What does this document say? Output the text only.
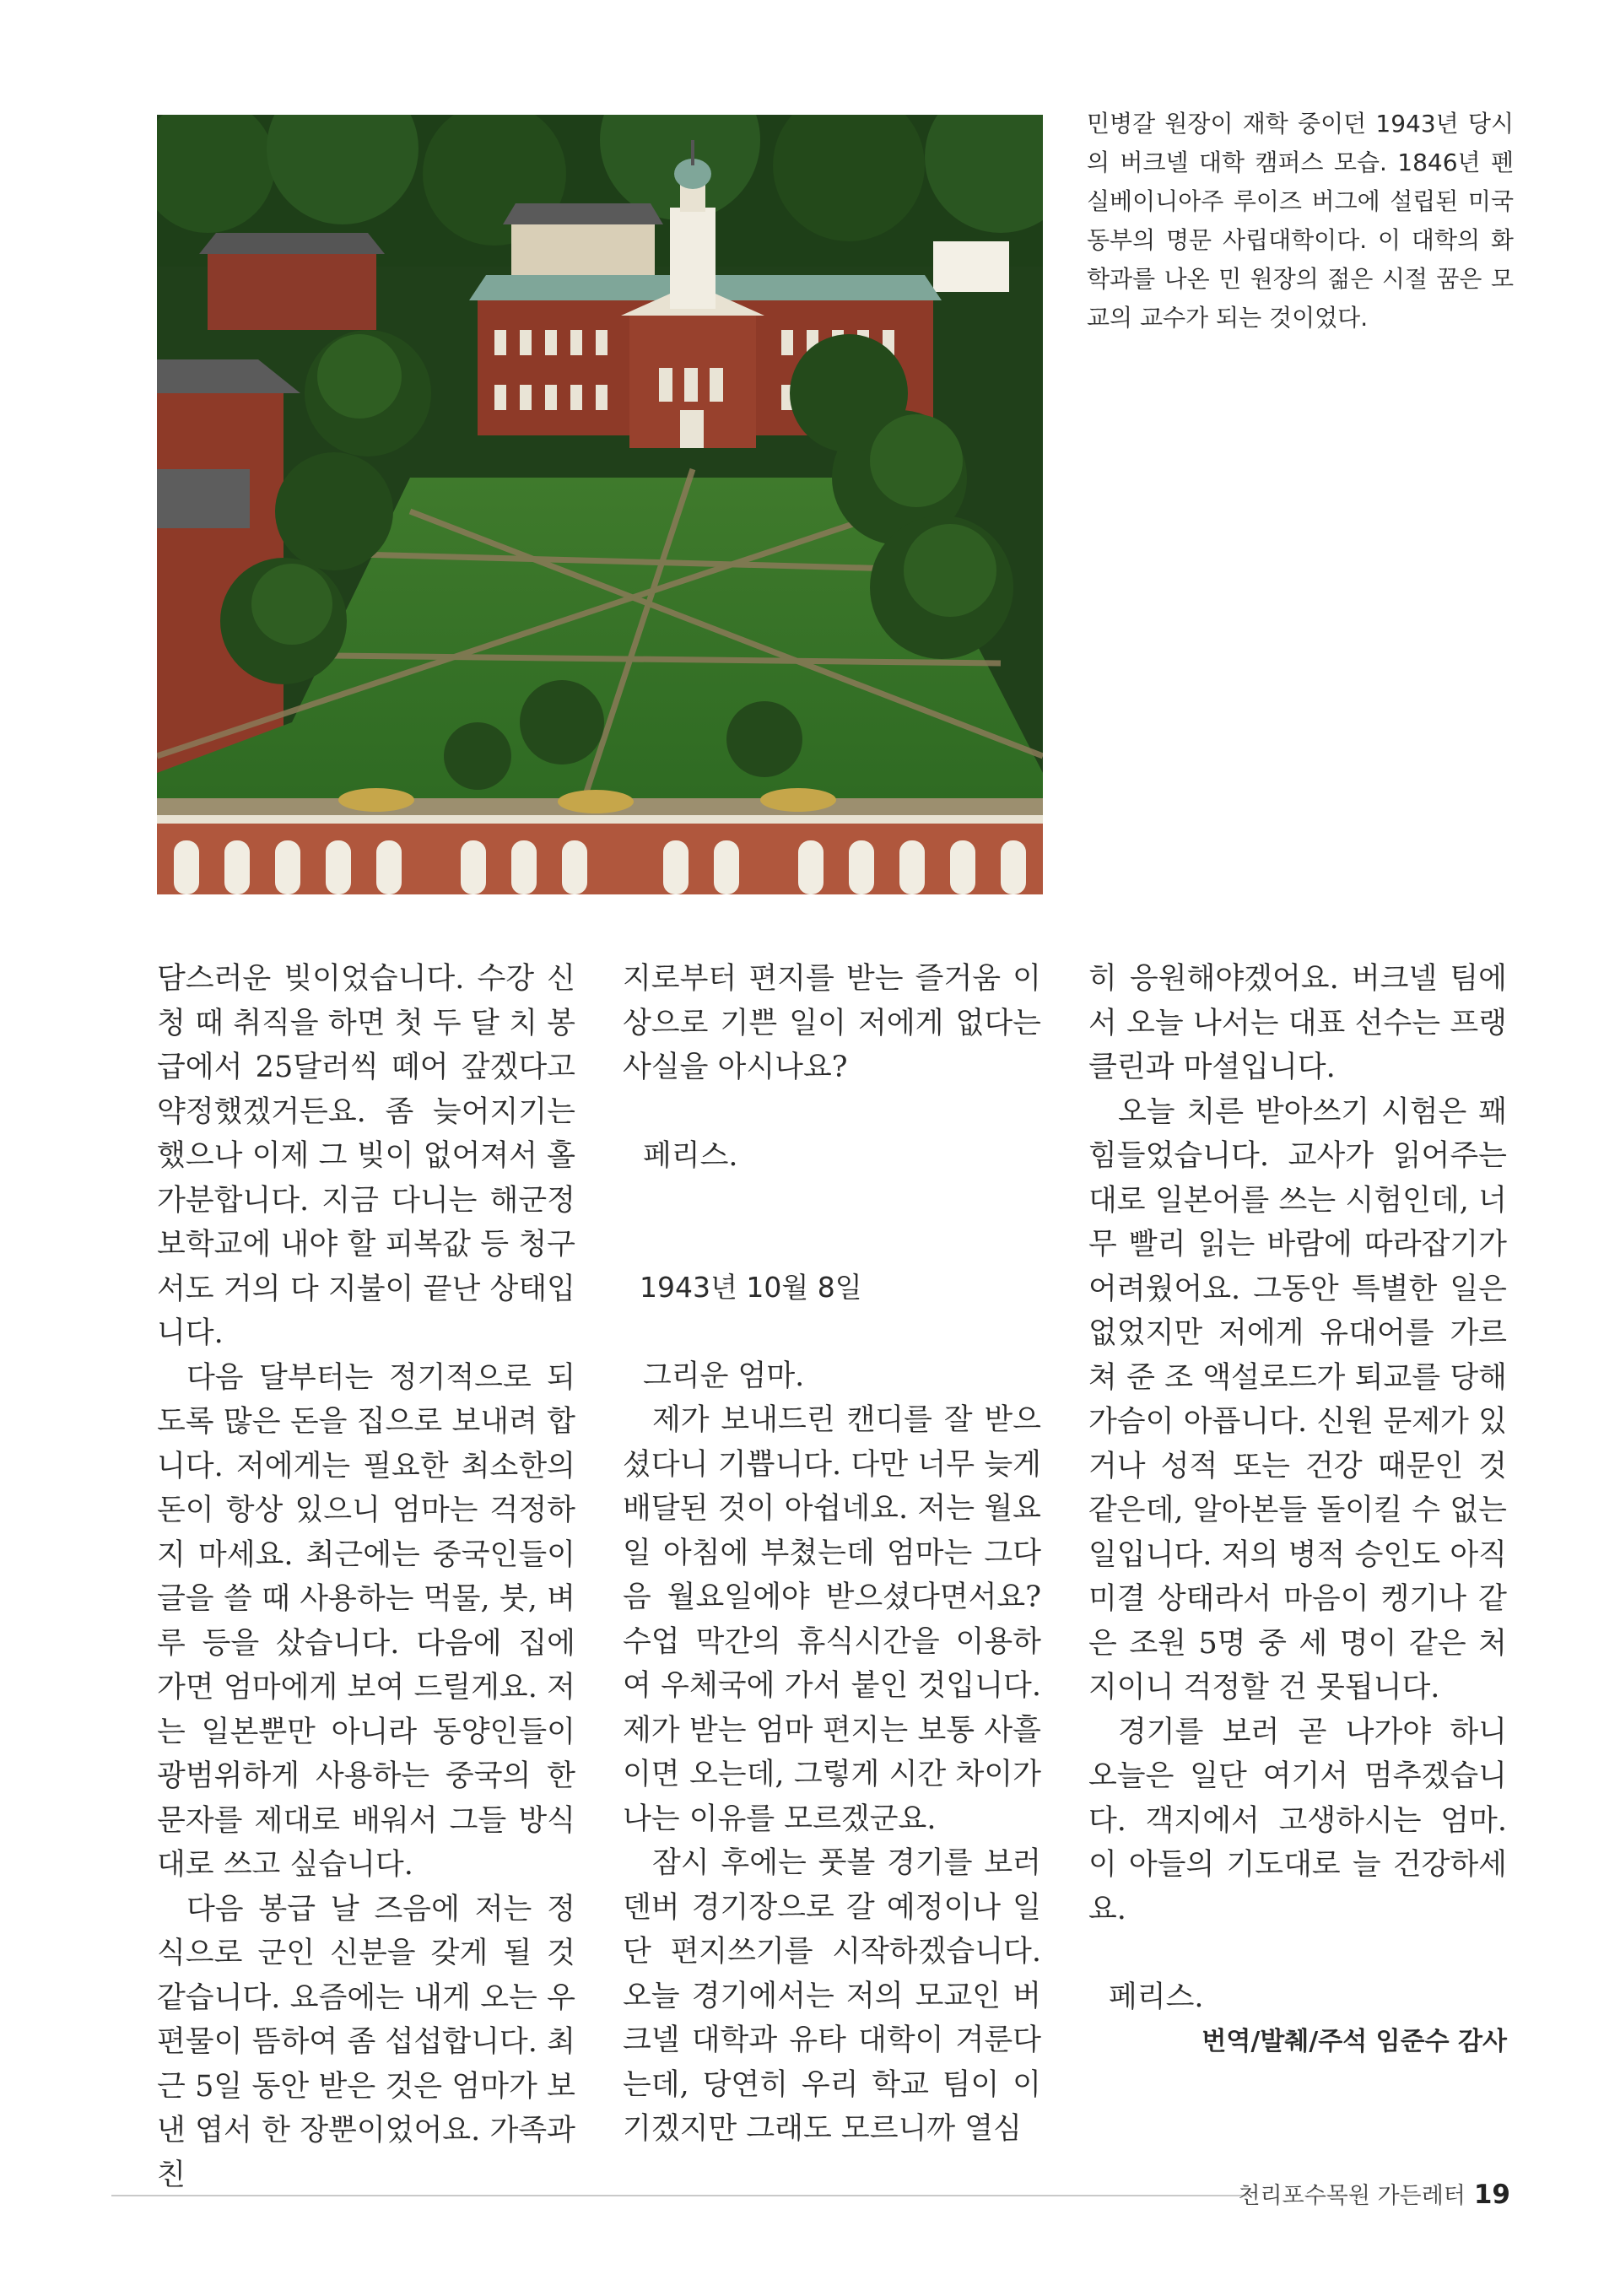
민병갈 원장이 재학 중이던 1943년 당시의 버크넬 대학 캠퍼스 모습. 1846년 펜실베이니아주 루이즈 버그에 설립된 미국 동부의 명문 사립대학이다. 이 대학의 화학과를 나온 민 원장의 젊은 시절 꿈은 모교의 교수가 되는 것이었다.

담스러운 빚이었습니다. 수강 신청 때 취직을 하면 첫 두 달 치 봉급에서 25달러씩 떼어 갚겠다고 약정했겠거든요. 좀 늦어지기는 했으나 이제 그 빚이 없어져서 홀가분합니다. 지금 다니는 해군정보학교에 내야 할 피복값 등 청구서도 거의 다 지불이 끝난 상태입니다.

다음 달부터는 정기적으로 되도록 많은 돈을 집으로 보내려 합니다. 저에게는 필요한 최소한의 돈이 항상 있으니 엄마는 걱정하지 마세요. 최근에는 중국인들이 글을 쓸 때 사용하는 먹물, 붓, 벼루 등을 샀습니다. 다음에 집에 가면 엄마에게 보여 드릴게요. 저는 일본뿐만 아니라 동양인들이 광범위하게 사용하는 중국의 한문자를 제대로 배워서 그들 방식대로 쓰고 싶습니다.

다음 봉급 날 즈음에 저는 정식으로 군인 신분을 갖게 될 것 같습니다. 요즘에는 내게 오는 우편물이 뜸하여 좀 섭섭합니다. 최근 5일 동안 받은 것은 엄마가 보낸 엽서 한 장뿐이었어요. 가족과 친

지로부터 편지를 받는 즐거움 이상으로 기쁜 일이 저에게 없다는 사실을 아시나요?

페리스.

1943년 10월 8일

그리운 엄마.

제가 보내드린 캔디를 잘 받으셨다니 기쁩니다. 다만 너무 늦게 배달된 것이 아쉽네요. 저는 월요일 아침에 부쳤는데 엄마는 그다음 월요일에야 받으셨다면서요? 수업 막간의 휴식시간을 이용하여 우체국에 가서 붙인 것입니다. 제가 받는 엄마 편지는 보통 사흘이면 오는데, 그렇게 시간 차이가 나는 이유를 모르겠군요.

잠시 후에는 풋볼 경기를 보러 덴버 경기장으로 갈 예정이나 일단 편지쓰기를 시작하겠습니다. 오늘 경기에서는 저의 모교인 버크넬 대학과 유타 대학이 겨룬다는데, 당연히 우리 학교 팀이 이기겠지만 그래도 모르니까 열심

히 응원해야겠어요. 버크넬 팀에서 오늘 나서는 대표 선수는 프랭클린과 마셜입니다.

오늘 치른 받아쓰기 시험은 꽤 힘들었습니다. 교사가 읽어주는 대로 일본어를 쓰는 시험인데, 너무 빨리 읽는 바람에 따라잡기가 어려웠어요. 그동안 특별한 일은 없었지만 저에게 유대어를 가르쳐 준 조 액설로드가 퇴교를 당해 가슴이 아픕니다. 신원 문제가 있거나 성적 또는 건강 때문인 것 같은데, 알아본들 돌이킬 수 없는 일입니다. 저의 병적 승인도 아직 미결 상태라서 마음이 켕기나 같은 조원 5명 중 세 명이 같은 처지이니 걱정할 건 못됩니다.

경기를 보러 곧 나가야 하니 오늘은 일단 여기서 멈추겠습니다. 객지에서 고생하시는 엄마. 이 아들의 기도대로 늘 건강하세요.

페리스.

번역/발췌/주석 임준수 감사

천리포수목원 가든레터 19
